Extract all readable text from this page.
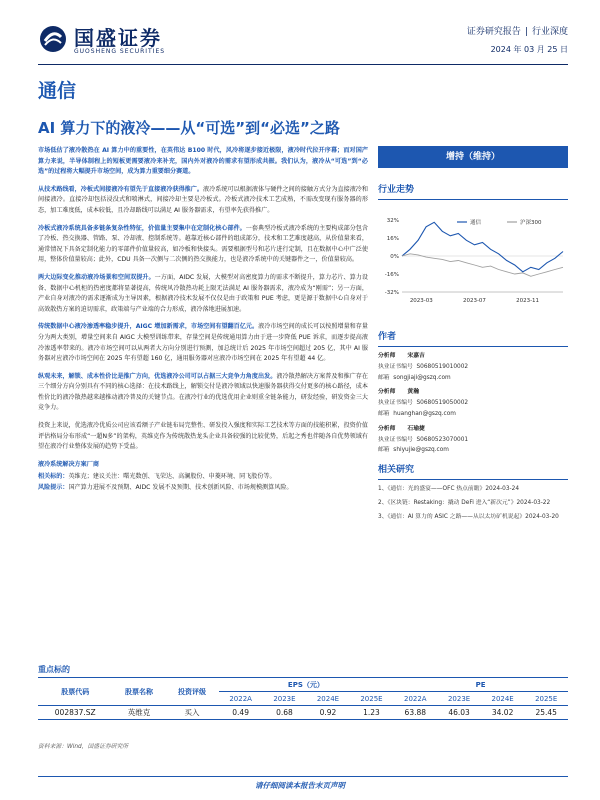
国盛证券
GUOSHENG SECURITIES
证券研究报告 | 行业深度
2024 年 03 月 25 日
通信
AI 算力下的液冷——从“可选”到“必选”之路

市场低估了液冷散热在 AI 算力中的重要性，在英伟达 B100 时代，风冷将逐步接近极限，液冷时代拉开序幕；而对国产算力来说，半导体制程上的短板更需要液冷来补充，国内外对液冷的需求有望形成共振。我们认为，液冷从“可选”到“必选”的过程将大幅提升市场空间，成为算力重要细分赛道。

从技术路线看，冷板式间接液冷有望先于直接液冷获得推广。液冷系统可以根据液体与硬件之间的接触方式分为直接液冷和间接液冷。直接冷却包括浸没式和喷淋式，间接冷却主要是冷板式。冷板式液冷技术工艺成熟，不需改变现有服务器的形态，加工难度低，成本较低，且冷却路线可以满足 AI 服务器需求，有望率先获得推广。

冷板式液冷系统具备多链条复杂性特征，价值量主要集中在定制化核心部件。一套典型冷板式液冷系统的主要构成部分包含了冷板、热交换器、管路、泵、冷却液、控制系统等。越靠近核心部件的组成部分，技术和工艺难度越高，从价值量来看，通常情况下具备定制化能力的零部件价值量较高，如冷板和快接头。需要根据型号和芯片进行定制，且在数据中心中广泛使用，整体价值量较高；此外，CDU 具备一次侧与二次侧的热交换能力，也是液冷系统中的关键器件之一，价值量较高。

两大边际变化推动液冷场景和空间双提升。一方面，AIDC 发展，大模型对高密度算力的需求不断提升，算力芯片、算力设备、数据中心机柜的热密度都将显著提高，传统风冷散热功耗上限无法满足 AI 服务器需求，液冷成为“刚需”；另一方面，产业自身对液冷的需求逐渐成为主导因素，根据液冷技术发展不仅仅是由于政策和 PUE 考虑，更是源于数据中心自身对于高效散热方案的迫切需求，政策端与产业端的合力形成，液冷落地进展加速。

传统数据中心液冷渗透率稳步提升，AIGC 增加新需求，市场空间有望翻百亿元。液冷市场空间的成长可以按照增量和存量分为两大类别，增量空间来自 AIGC 大模型训练带来，存量空间是传统通用算力由于进一步降低 PUE 诉求，而逐步提高液冷渗透率带来的。液冷市场空间可以从两者大方向分别进行预测，加总统计后 2025 年市场空间超过 205 亿，其中 AI 服务器对应液冷市场空间在 2025 年有望超 160 亿，通用服务器对应液冷市场空间在 2025 年有望超 44 亿。

纵观未来，解锁、成本性价比是推广方向，优选液冷公司可以占据三大竞争力角度出发。液冷散热解决方案普及和推广存在三个细分方向分别具有不同的核心选择：在技术路线上，解锁交付是液冷领域以快速服务器获得交付更多的核心路径，成本性价比的液冷散热越来越推动液冷普及的关键节点。在液冷行业的优选优用企业则重全链条能力，研发经验，研发资金三大竞争力。

投资上来说，优选液冷优质公司应该看额子产业链布局完整性、研发投入强度和实际工艺技术等方面的技能积累，投资价值评估格局分布形成“一超N多”的架构，英维克作为传统散热龙头企业具备较强的比较优势，后起之秀也伴随各自优势领域有望在液冷行业整体发展的趋势下受益。

液冷系统解决方案厂商

相关标的：英维克；建议关注：曙光数创、飞荣达、高澜股份、申菱环境、同飞股份等。

风险提示：国产算力进展不及预期、AIDC 发展不及预期、技术创新风险、市场规模测算风险。

增持（维持）
行业走势
32%
16%
0%
-16%
-32%
2023-03	2023-07	2023-11
通信	沪深300
作者
分析师 宋嘉吉
执业证书编号 S0680519010002
邮箱 songjiaji@gszq.com
分析师 黄瀚
执业证书编号 S0680519050002
邮箱 huanghan@gszq.com
分析师 石瑜捷
执业证书编号 S0680523070001
邮箱 shiyujie@gszq.com
相关研究
1、《通信：光的盛宴——OFC 热点前瞻》2024-03-24
2、《区块链：Restaking：撬动 DeFi 进入“新次元”》2024-03-22
3、《通信：AI 算力的 ASIC 之路——从以太坊矿机说起》2024-03-20
重点标的
股票代码	股票名称	投资评级	EPS（元）				PE			
			2022A	2023E	2024E	2025E	2022A	2023E	2024E	2025E
002837.SZ	英维克	买入	0.49	0.68	0.92	1.23	63.88	46.03	34.02	25.45
资料来源：Wind，国盛证券研究所
请仔细阅读本报告末页声明
